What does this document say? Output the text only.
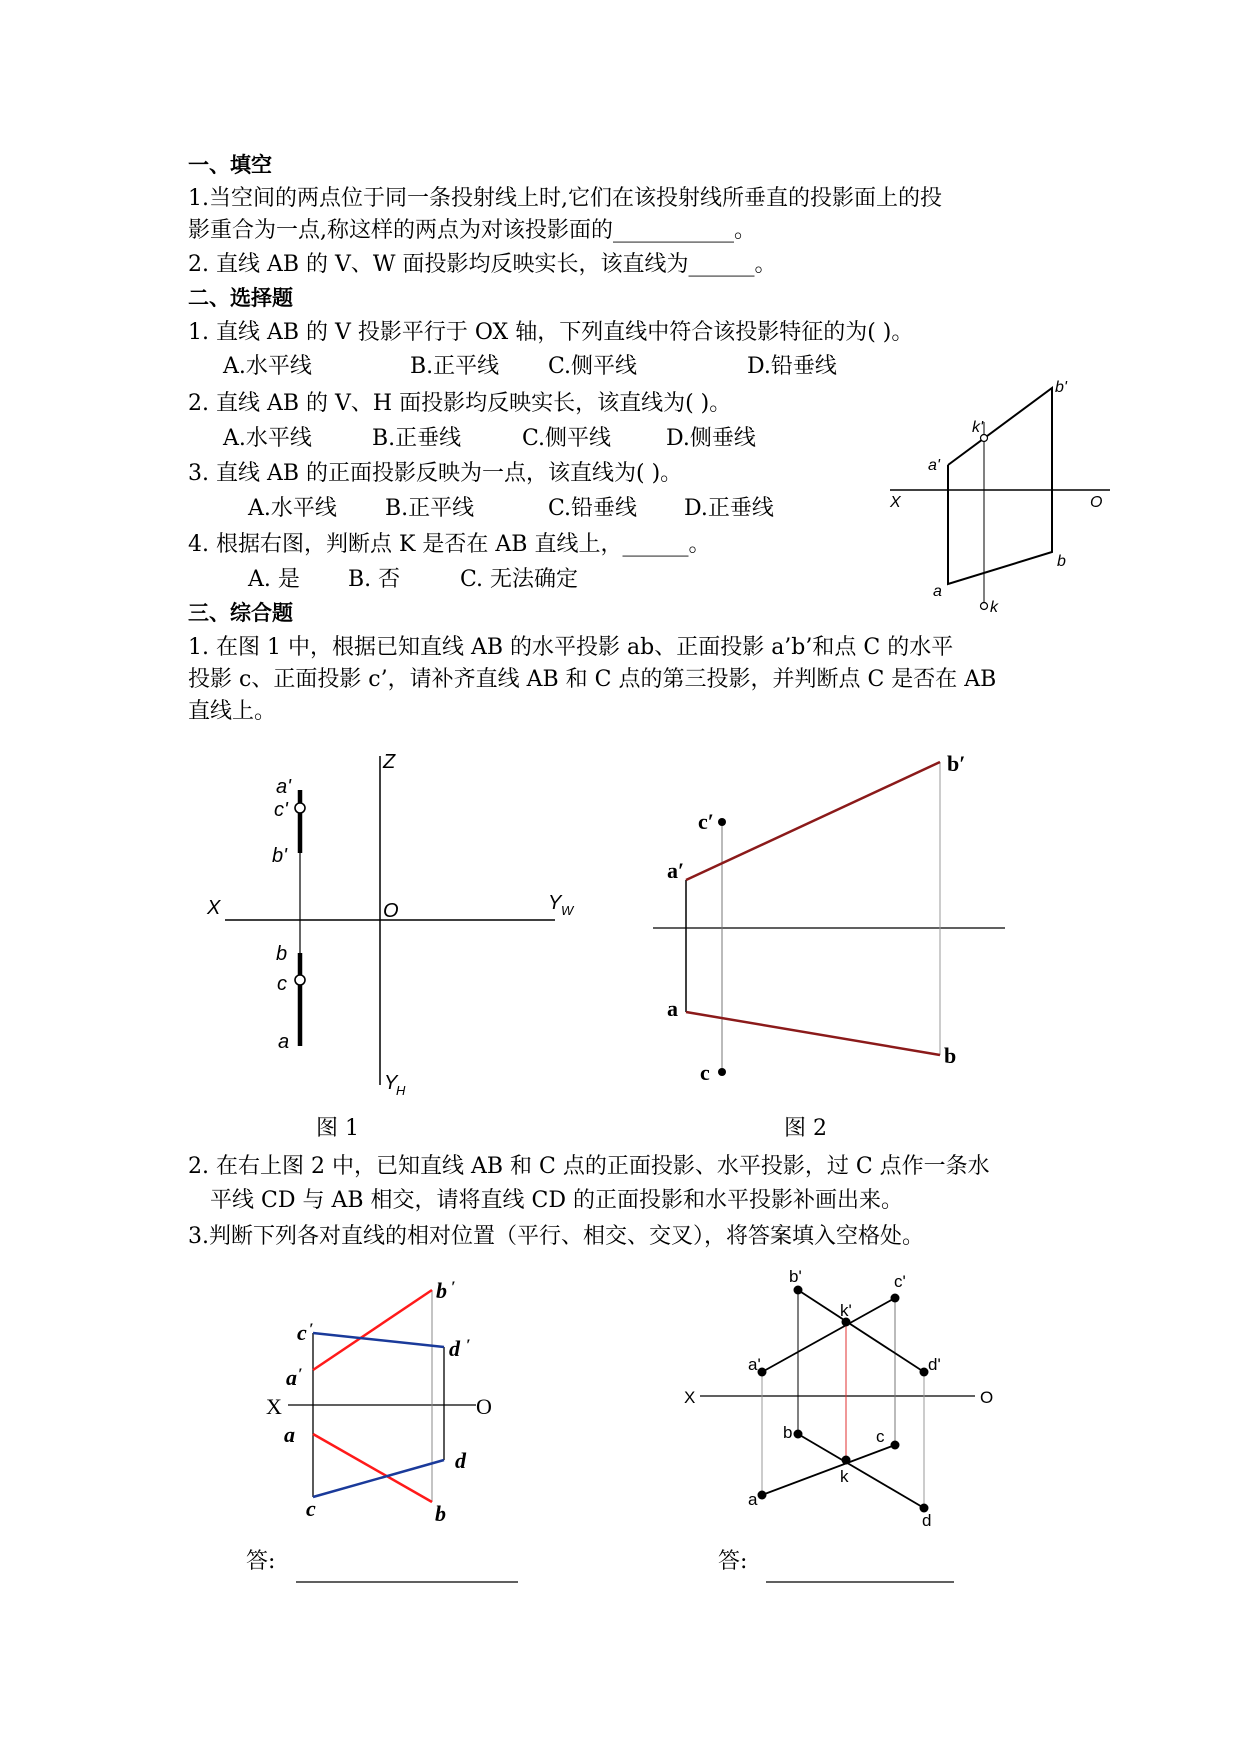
一、填空
1.当空间的两点位于同一条投射线上时,它们在该投射线所垂直的投影面上的投
影重合为一点,称这样的两点为对该投影面的___________。
2. 直线 AB 的 V、W 面投影均反映实长，该直线为______。
二、选择题
1. 直线 AB 的 V 投影平行于 OX 轴，下列直线中符合该投影特征的为( )。
A.水平线	B.正平线 C.侧平线	D.铅垂线
2. 直线 AB 的 V、H 面投影均反映实长，该直线为( )。
A.水平线	B.正垂线	C.侧平线 D.侧垂线
3. 直线 AB 的正面投影反映为一点，该直线为( )。
A.水平线 B.正平线	C.铅垂线 D.正垂线
4. 根据右图，判断点 K 是否在 AB 直线上，______。
A. 是 B. 否	C. 无法确定
三、综合题
1. 在图 1 中，根据已知直线 AB 的水平投影 ab、正面投影 a’b’和点 C 的水平
投影 c、正面投影 c’，请补齐直线 AB 和 C 点的第三投影，并判断点 C 是否在 AB
直线上。
图 1	图 2
2. 在右上图 2 中，已知直线 AB 和 C 点的正面投影、水平投影，过 C 点作一条水
平线 CD 与 AB 相交，请将直线 CD 的正面投影和水平投影补画出来。
3.判断下列各对直线的相对位置（平行、相交、交叉），将答案填入空格处。
答:	答:
b'
k'
a'
X	O
b
a
k
Z
a'
c'
b'
X	O	Y W
b
c
a
Y
H
b′
c′
a′
a
b
c
b ′
c ′
d ′
a ′
a
d
c	b
X	O
b'	c'
k'
a'	d'
X	O
b	c
k
a
d
